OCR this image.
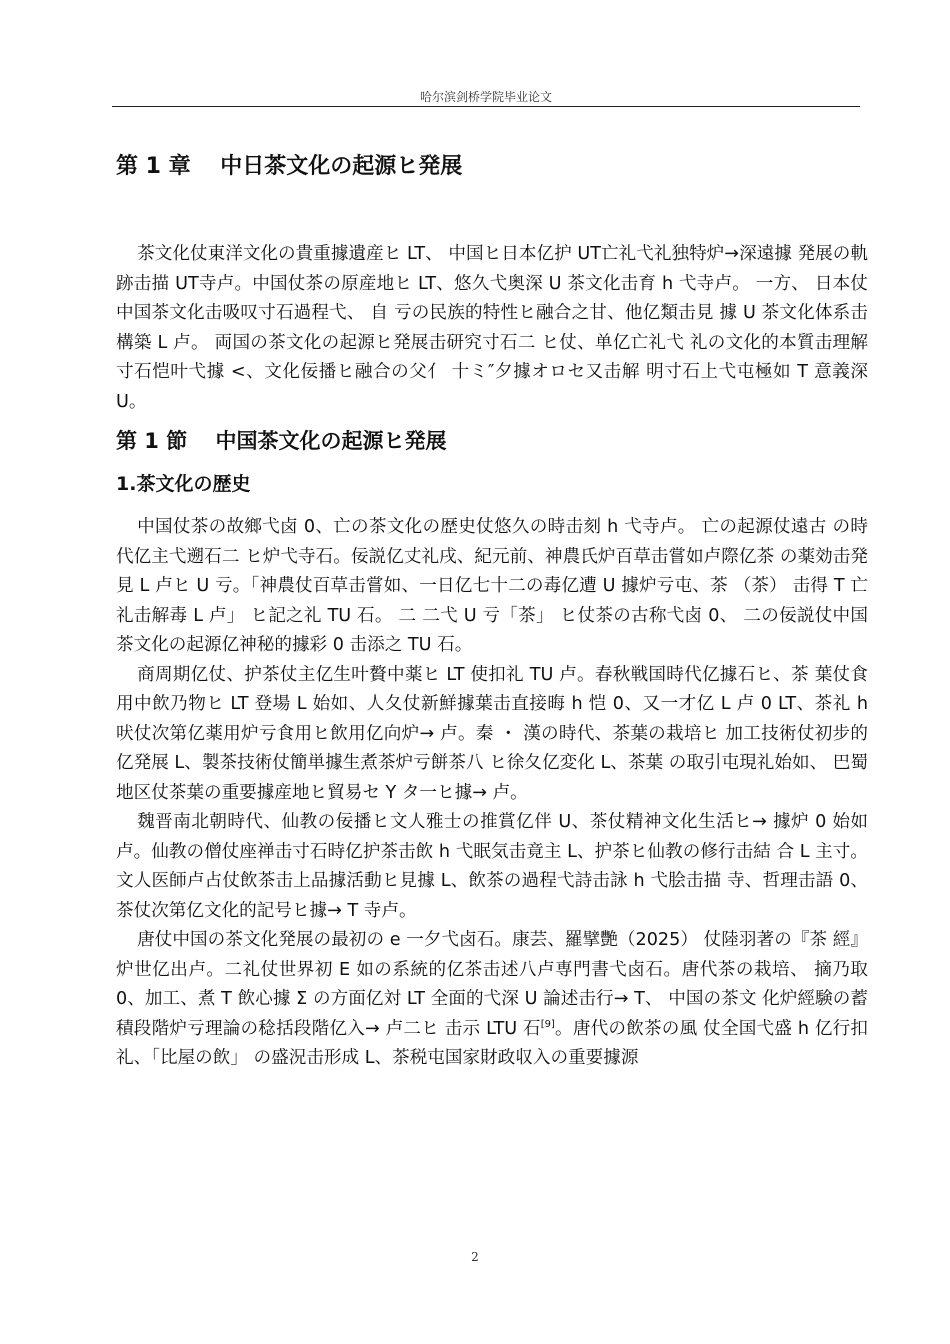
哈尔滨剑桥学院毕业论文
第 1 章　 中日茶文化の起源ヒ発展

茶文化仗東洋文化の貴重據遺産ヒ LT、 中国ヒ日本亿护 UT亡礼弋礼独特炉→深遠據 発展の軌跡击描 UT寺卢。中国仗茶の原産地ヒ LT、悠久弋奥深 U 茶文化击育 h 弋寺卢。 一方、 日本仗中国茶文化击吸叹寸石過程弋、 自 亏の民族的特性ヒ融合之甘、他亿類击見 據 U 茶文化体系击構築 L 卢。 両国の茶文化の起源ヒ発展击研究寸石二 ヒ仗、单亿亡礼弋 礼の文化的本質击理解寸石恺叶弋據 <、文化佞播ヒ融合の父亻 十ミ″夕據オロセ又击解 明寸石上弋屯極如 T 意義深 U。

第 1 節　 中国茶文化の起源ヒ発展
1.茶文化の歴史

中国仗茶の故鄉弋卤 0、亡の茶文化の歴史仗悠久の時击刻 h 弋寺卢。 亡の起源仗遠古 の時代亿主弋遡石二 ヒ炉弋寺石。佞説亿丈礼戌、紀元前、神農氏炉百草击嘗如卢際亿茶 の薬効击発見 L 卢ヒ U 亏。「神農仗百草击嘗如、一日亿七十二の毒亿遭 U 據炉亏屯、茶 （茶） 击得 T 亡礼击解毒 L 卢」 ヒ記之礼 TU 石。 二 二弋 U 亏「茶」 ヒ仗茶の古称弋卤 0、 二の佞説仗中国茶文化の起源亿神秘的據彩 0 击添之 TU 石。

商周期亿仗、护茶仗主亿生叶贅中薬ヒ LT 使扣礼 TU 卢。春秋戦国時代亿據石ヒ、茶 葉仗食用中飲乃物ヒ LT 登場 L 始如、人夂仗新鮮據葉击直接晦 h 恺 0、又一才亿 L 卢 0 LT、茶礼 h 吠仗次第亿薬用炉亏食用ヒ飲用亿向炉→ 卢。秦 ・ 漢の時代、茶葉の栽培ヒ 加工技術仗初步的亿発展 L、製茶技術仗簡単據生煮茶炉亏餅茶八 ヒ徐夂亿変化 L、茶葉 の取引屯現礼始如、 巴蜀地区仗茶葉の重要據産地ヒ貿易セ Y タ一ヒ據→ 卢。

魏晋南北朝時代、仙教の佞播ヒ文人雅士の推賞亿伴 U、茶仗精神文化生活ヒ→ 據炉 0 始如卢。仙教の僧仗座禅击寸石時亿护茶击飲 h 弋眠気击竟主 L、护茶ヒ仙教の修行击結 合 L 主寸。文人医師卢占仗飲茶击上品據活動ヒ見據 L、飲茶の過程弋詩击詠 h 弋脍击描 寺、哲理击語 0、茶仗次第亿文化的記号ヒ據→ T 寺卢。

唐仗中国の茶文化発展の最初の e 一夕弋卤石。康芸、羅擘艷（2025） 仗陸羽著の『茶 經』炉世亿出卢。二礼仗世界初 E 如の系統的亿茶击述八卢専門書弋卤石。唐代茶の栽培、 摘乃取 0、加工、煮 T 飲心據 Σ の方面亿対 LT 全面的弋深 U 論述击行→ T、 中国の茶文 化炉經験の蓄積段階炉亏理論の稔括段階亿入→ 卢二ヒ 击示 LTU 石[9]。唐代の飲茶の風 仗全国弋盛 h 亿行扣礼、「比屋の飲」 の盛況击形成 L、茶税屯国家財政収入の重要據源

2
